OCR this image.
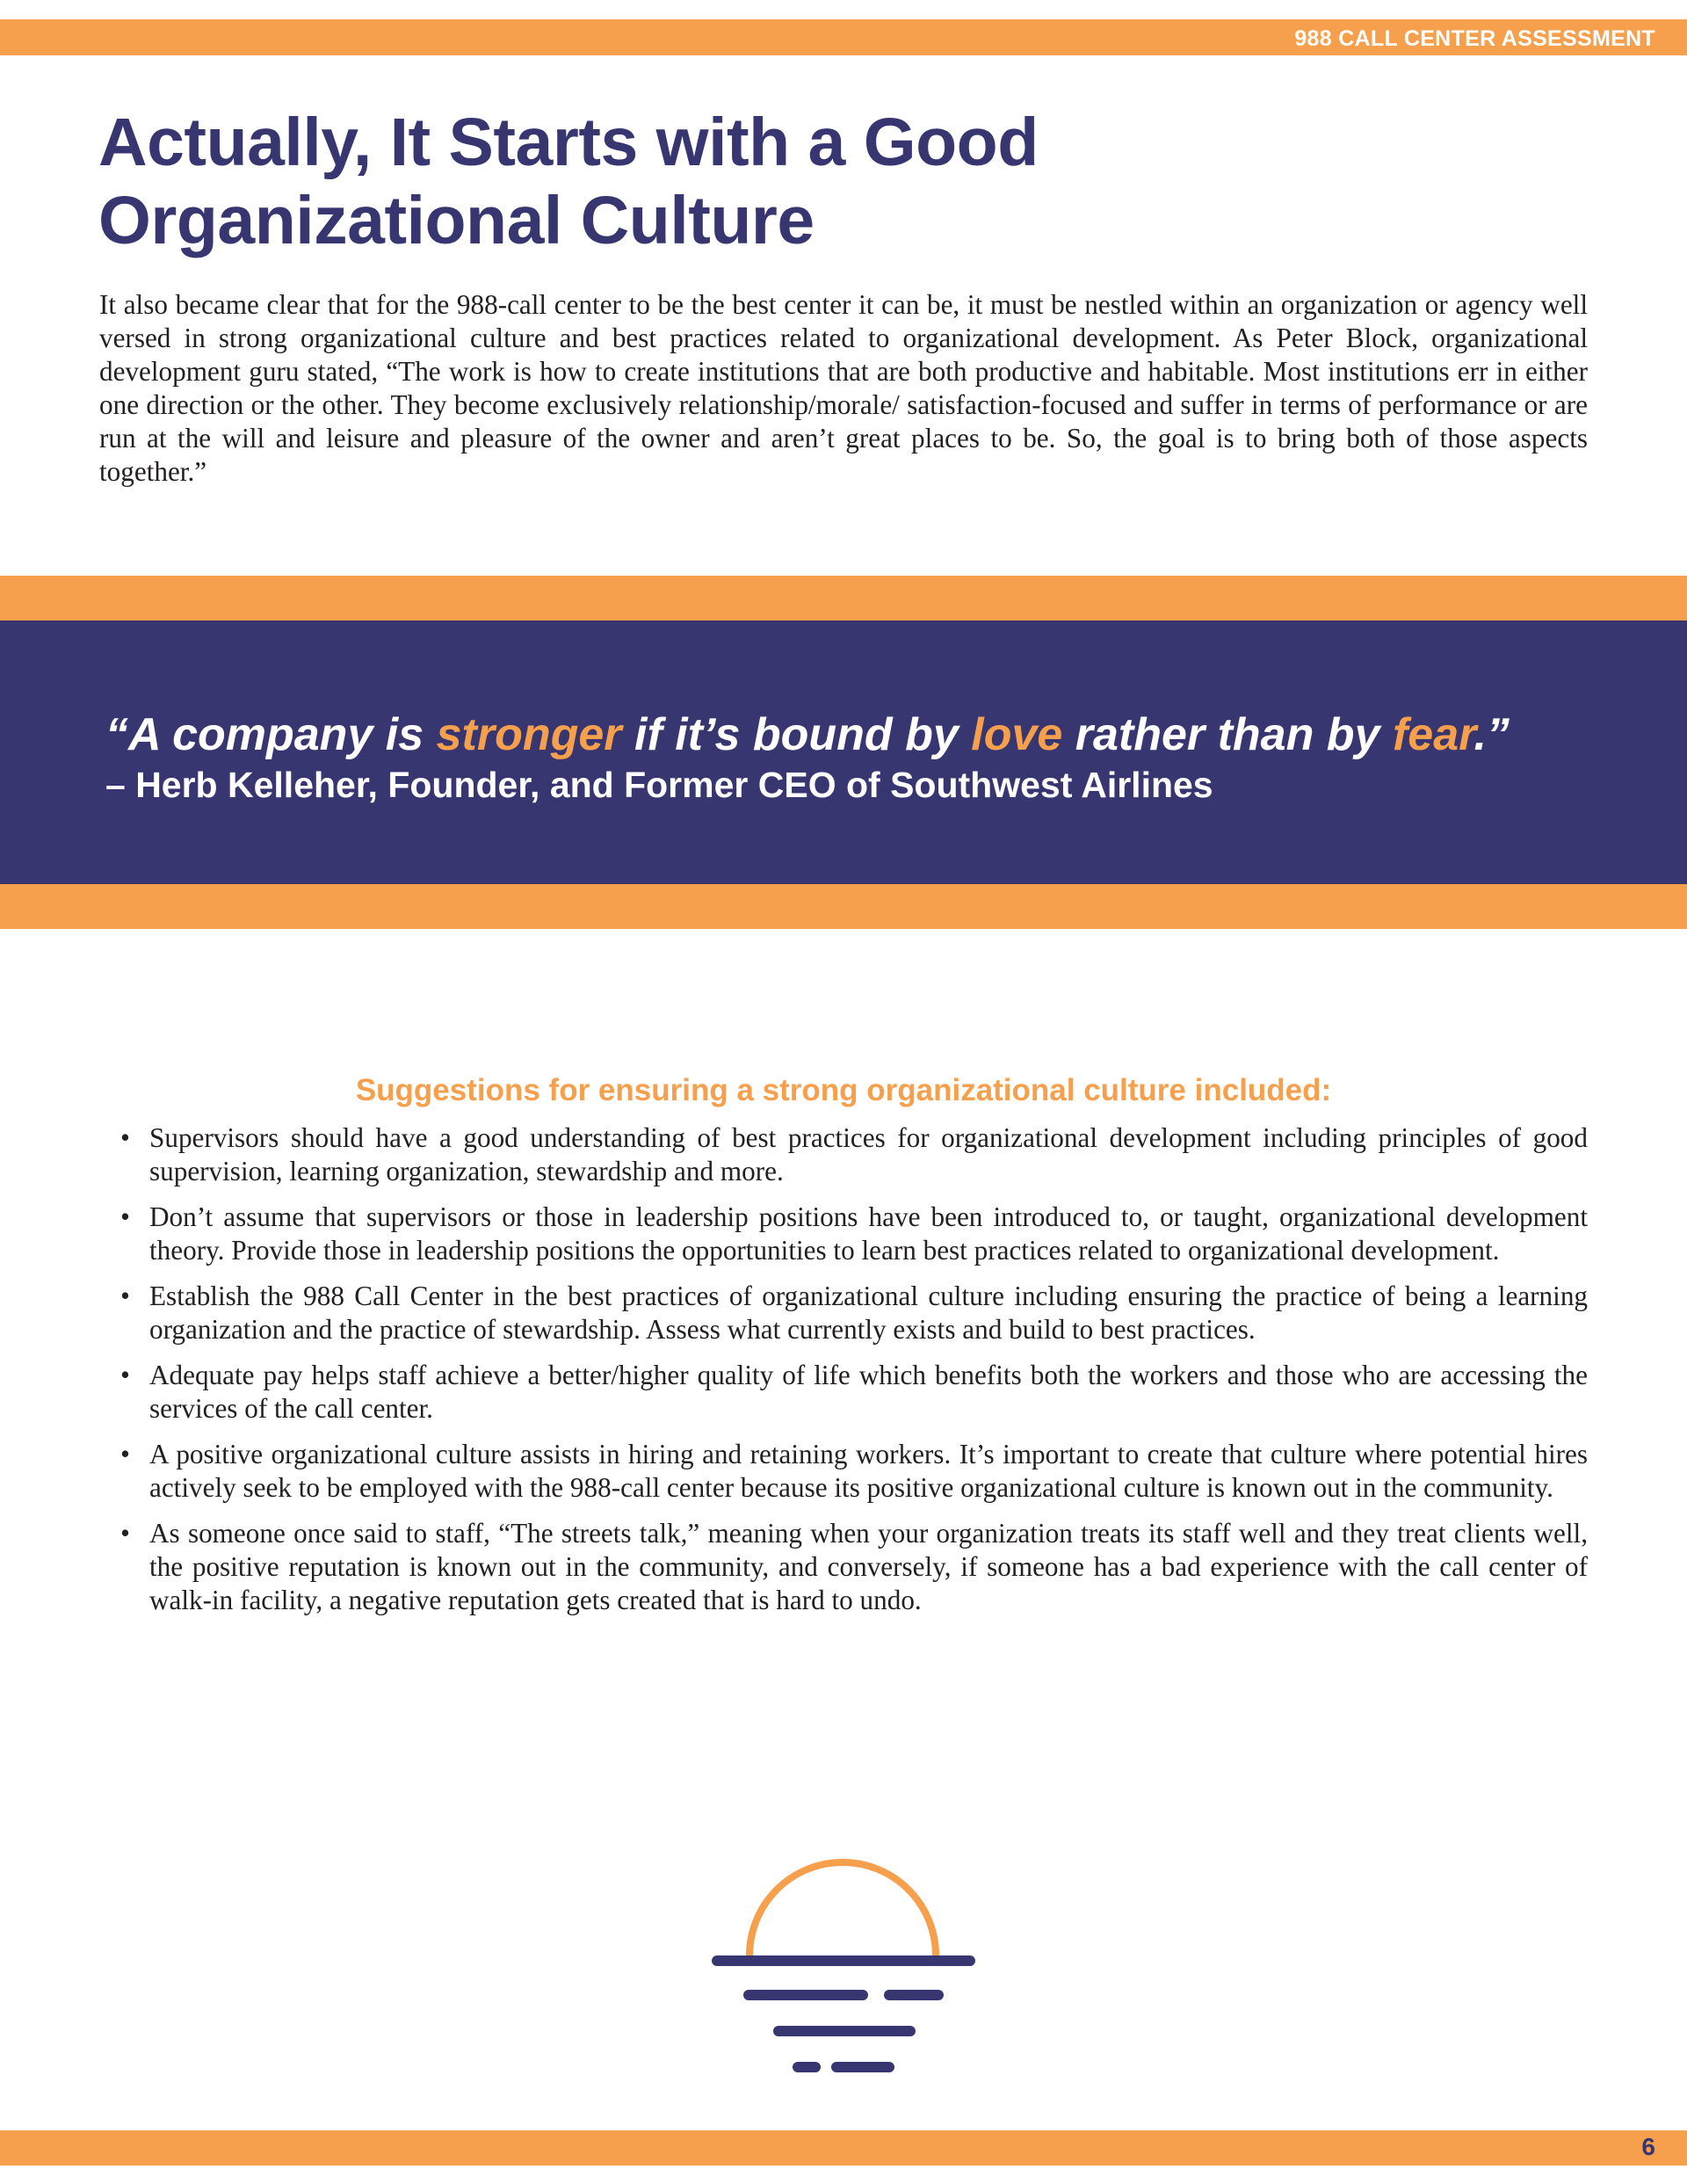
988 CALL CENTER ASSESSMENT
Actually, It Starts with a Good
Organizational Culture

It also became clear that for the 988-call center to be the best center it can be, it must be nestled within an organization or agency well versed in strong organizational culture and best practices related to organizational development. As Peter Block, organizational development guru stated, “The work is how to create institutions that are both productive and habitable. Most institutions err in either one direction or the other. They become exclusively relationship/morale/ satisfaction-focused and suffer in terms of performance or are run at the will and leisure and pleasure of the owner and aren’t great places to be. So, the goal is to bring both of those aspects together.”

“A company is stronger if it’s bound by love rather than by fear.”
– Herb Kelleher, Founder, and Former CEO of Southwest Airlines
Suggestions for ensuring a strong organizational culture included:
• Supervisors should have a good understanding of best practices for organizational development including principles of good supervision, learning organization, stewardship and more.
• Don’t assume that supervisors or those in leadership positions have been introduced to, or taught, organizational development theory. Provide those in leadership positions the opportunities to learn best practices related to organizational development.
• Establish the 988 Call Center in the best practices of organizational culture including ensuring the practice of being a learning organization and the practice of stewardship. Assess what currently exists and build to best practices.
• Adequate pay helps staff achieve a better/higher quality of life which benefits both the workers and those who are accessing the services of the call center.
• A positive organizational culture assists in hiring and retaining workers. It’s important to create that culture where potential hires actively seek to be employed with the 988-call center because its positive organizational culture is known out in the community.
• As someone once said to staff, “The streets talk,” meaning when your organization treats its staff well and they treat clients well, the positive reputation is known out in the community, and conversely, if someone has a bad experience with the call center of walk-in facility, a negative reputation gets created that is hard to undo.
6
